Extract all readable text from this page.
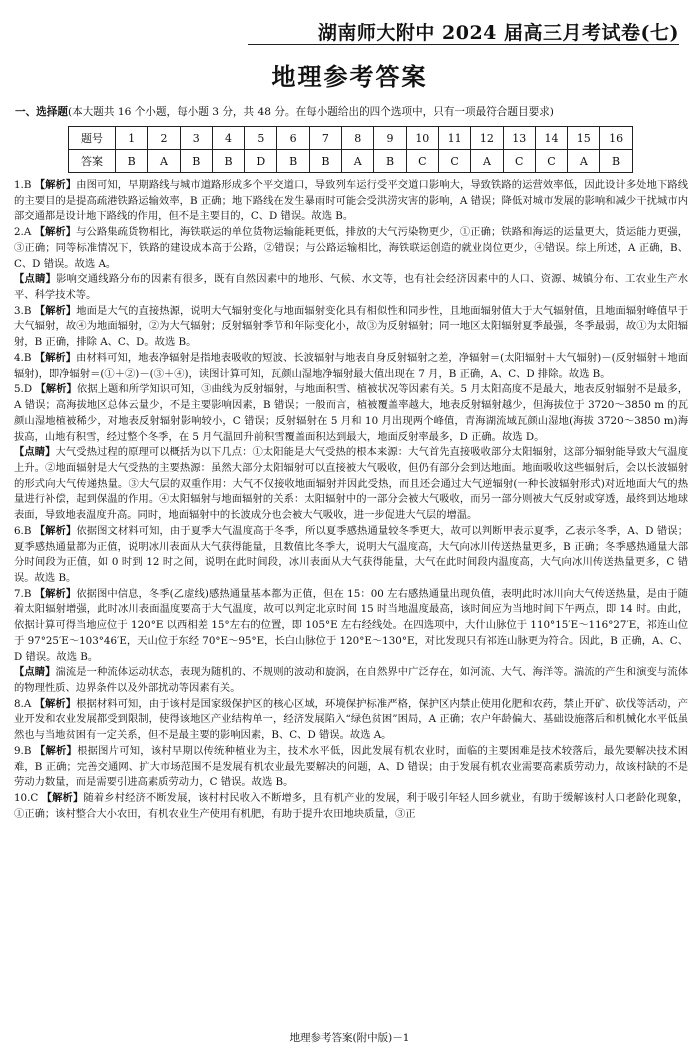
湖南师大附中 2024 届高三月考试卷(七)
地理参考答案
一、选择题(本大题共 16 个小题，每小题 3 分，共 48 分。在每小题给出的四个选项中，只有一项最符合题目要求)
题号	1	2	3	4	5	6	7	8	9	10	11	12	13	14	15	16
答案	B	A	B	B	D	B	B	A	B	C	C	A	C	C	A	B

1.B 【解析】由图可知，早期路线与城市道路形成多个平交道口，导致列车运行受平交道口影响大，导致铁路的运营效率低，因此设计多处地下路线的主要目的是提高疏港铁路运输效率，B 正确；地下路线在发生暴雨时可能会受洪涝灾害的影响，A 错误；降低对城市发展的影响和减少干扰城市内部交通都是设计地下路线的作用，但不是主要目的，C、D 错误。故选 B。

2.A 【解析】与公路集疏货物相比，海铁联运的单位货物运输能耗更低，排放的大气污染物更少，①正确；铁路和海运的运量更大，货运能力更强，③正确；同等标准情况下，铁路的建设成本高于公路，②错误；与公路运输相比，海铁联运创造的就业岗位更少，④错误。综上所述，A 正确，B、C、D 错误。故选 A。

【点睛】影响交通线路分布的因素有很多，既有自然因素中的地形、气候、水文等，也有社会经济因素中的人口、资源、城镇分布、工农业生产水平、科学技术等。

3.B 【解析】地面是大气的直接热源，说明大气辐射变化与地面辐射变化具有相似性和同步性，且地面辐射值大于大气辐射值，且地面辐射峰值早于大气辐射，故④为地面辐射，②为大气辐射；反射辐射季节和年际变化小，故③为反射辐射；同一地区太阳辐射夏季最强，冬季最弱，故①为太阳辐射，B 正确，排除 A、C、D。故选 B。

4.B 【解析】由材料可知，地表净辐射是指地表吸收的短波、长波辐射与地表自身反射辐射之差，净辐射＝(太阳辐射＋大气辐射)－(反射辐射＋地面辐射)，即净辐射＝(①＋②)－(③＋④)，读图计算可知，瓦颜山湿地净辐射最大值出现在 7 月，B 正确，A、C、D 排除。故选 B。

5.D 【解析】依据上题和所学知识可知，③曲线为反射辐射，与地面积雪、植被状况等因素有关。5 月太阳高度不是最大，地表反射辐射不是最多，A 错误；高海拔地区总体云量少，不是主要影响因素，B 错误；一般而言，植被覆盖率越大，地表反射辐射越少，但海拔位于 3720～3850 m 的瓦颜山湿地植被稀少，对地表反射辐射影响较小，C 错误；反射辐射在 5 月和 10 月出现两个峰值，青海湖流域瓦颜山湿地(海拔 3720～3850 m)海拔高，山地有积雪，经过整个冬季，在 5 月气温回升前积雪覆盖面积达到最大，地面反射率最多，D 正确。故选 D。

【点睛】大气受热过程的原理可以概括为以下几点：①太阳能是大气受热的根本来源：大气首先直接吸收部分太阳辐射，这部分辐射能导致大气温度上升。②地面辐射是大气受热的主要热源：虽然大部分太阳辐射可以直接被大气吸收，但仍有部分会到达地面。地面吸收这些辐射后，会以长波辐射的形式向大气传递热量。③大气层的双重作用：大气不仅接收地面辐射并因此受热，而且还会通过大气逆辐射(一种长波辐射形式)对近地面大气的热量进行补偿，起到保温的作用。④太阳辐射与地面辐射的关系：太阳辐射中的一部分会被大气吸收，而另一部分则被大气反射或穿透，最终到达地球表面，导致地表温度升高。同时，地面辐射中的长波成分也会被大气吸收，进一步促进大气层的增温。

6.B 【解析】依据图文材料可知，由于夏季大气温度高于冬季，所以夏季感热通量较冬季更大，故可以判断甲表示夏季，乙表示冬季，A、D 错误；夏季感热通量都为正值，说明冰川表面从大气获得能量，且数值比冬季大，说明大气温度高，大气向冰川传送热量更多，B 正确；冬季感热通量大部分时间段为正值，如 0 时到 12 时之间，说明在此时间段，冰川表面从大气获得能量，大气在此时间段内温度高，大气向冰川传送热量更多，C 错误。故选 B。

7.B 【解析】依据图中信息，冬季(乙虚线)感热通量基本都为正值，但在 15：00 左右感热通量出现负值，表明此时冰川向大气传送热量，是由于随着太阳辐射增强，此时冰川表面温度要高于大气温度，故可以判定北京时间 15 时当地温度最高，该时间应为当地时间下午两点，即 14 时。由此，依据计算可得当地应位于 120°E 以西相差 15°左右的位置，即 105°E 左右经线处。在四选项中，大什山脉位于 110°15′E～116°27′E，祁连山位于 97°25′E～103°46′E，天山位于东经 70°E～95°E，长白山脉位于 120°E～130°E，对比发现只有祁连山脉更为符合。因此，B 正确，A、C、D 错误。故选 B。

【点睛】湍流是一种流体运动状态，表现为随机的、不规则的波动和旋涡，在自然界中广泛存在，如河流、大气、海洋等。湍流的产生和演变与流体的物理性质、边界条件以及外部扰动等因素有关。

8.A 【解析】根据材料可知，由于该村是国家级保护区的核心区域，环境保护标准严格，保护区内禁止使用化肥和农药，禁止开矿、砍伐等活动，产业开发和农业发展都受到限制，使得该地区产业结构单一，经济发展陷入“绿色贫困”困局，A 正确；农户年龄偏大、基础设施落后和机械化水平低虽然也与当地贫困有一定关系，但不是最主要的影响因素，B、C、D 错误。故选 A。

9.B 【解析】根据图片可知，该村早期以传统种植业为主，技术水平低，因此发展有机农业时，面临的主要困难是技术较落后，最先要解决技术困难，B 正确；完善交通网、扩大市场范围不是发展有机农业最先要解决的问题，A、D 错误；由于发展有机农业需要高素质劳动力，故该村缺的不是劳动力数量，而是需要引进高素质劳动力，C 错误。故选 B。

10.C 【解析】随着乡村经济不断发展，该村村民收入不断增多，且有机产业的发展，利于吸引年轻人回乡就业，有助于缓解该村人口老龄化现象，①正确；该村整合大小农田，有机农业生产使用有机肥，有助于提升农田地块质量，③正

地理参考答案(附中版)－1
